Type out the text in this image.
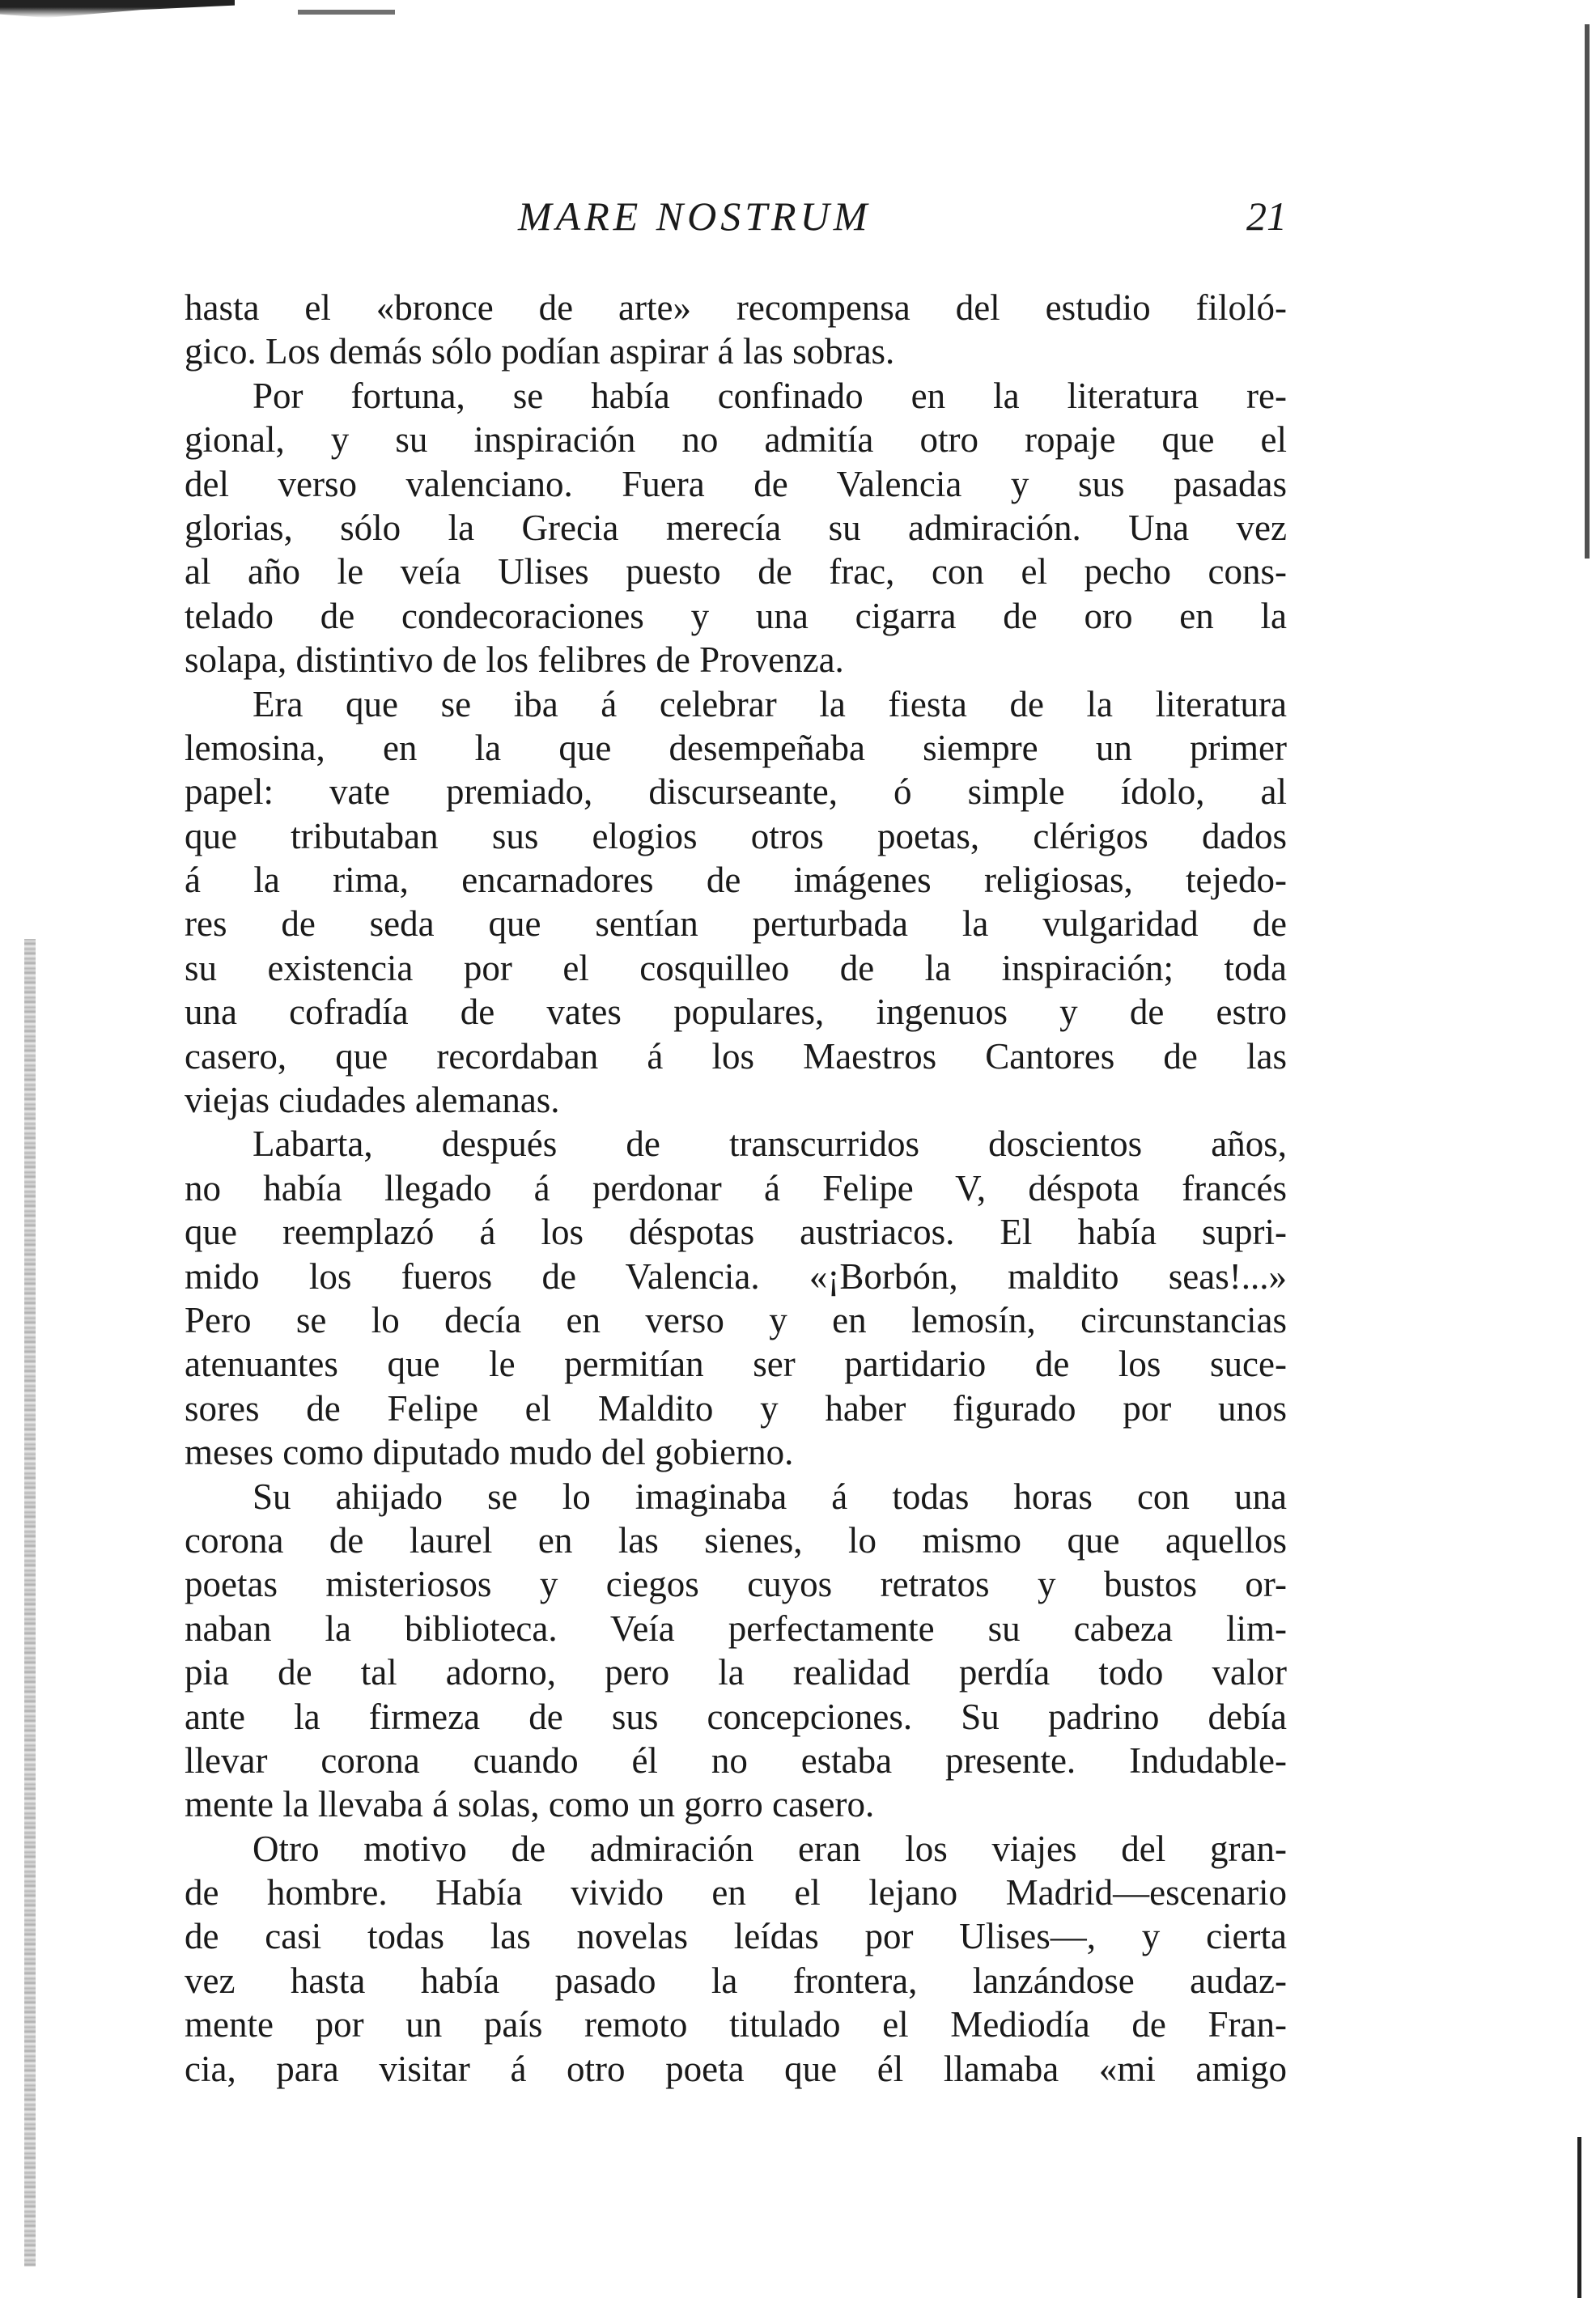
MARE NOSTRUM	21
hasta el «bronce de arte» recompensa del estudio filoló-
gico. Los demás sólo podían aspirar á las sobras.
Por fortuna, se había confinado en la literatura re-
gional, y su inspiración no admitía otro ropaje que el
del verso valenciano. Fuera de Valencia y sus pasadas
glorias, sólo la Grecia merecía su admiración. Una vez
al año le veía Ulises puesto de frac, con el pecho cons-
telado de condecoraciones y una cigarra de oro en la
solapa, distintivo de los felibres de Provenza.
Era que se iba á celebrar la fiesta de la literatura
lemosina, en la que desempeñaba siempre un primer
papel: vate premiado, discurseante, ó simple ídolo, al
que tributaban sus elogios otros poetas, clérigos dados
á la rima, encarnadores de imágenes religiosas, tejedo-
res de seda que sentían perturbada la vulgaridad de
su existencia por el cosquilleo de la inspiración; toda
una cofradía de vates populares, ingenuos y de estro
casero, que recordaban á los Maestros Cantores de las
viejas ciudades alemanas.
Labarta, después de transcurridos doscientos años,
no había llegado á perdonar á Felipe V, déspota francés
que reemplazó á los déspotas austriacos. El había supri-
mido los fueros de Valencia. «¡Borbón, maldito seas!...»
Pero se lo decía en verso y en lemosín, circunstancias
atenuantes que le permitían ser partidario de los suce-
sores de Felipe el Maldito y haber figurado por unos
meses como diputado mudo del gobierno.
Su ahijado se lo imaginaba á todas horas con una
corona de laurel en las sienes, lo mismo que aquellos
poetas misteriosos y ciegos cuyos retratos y bustos or-
naban la biblioteca. Veía perfectamente su cabeza lim-
pia de tal adorno, pero la realidad perdía todo valor
ante la firmeza de sus concepciones. Su padrino debía
llevar corona cuando él no estaba presente. Indudable-
mente la llevaba á solas, como un gorro casero.
Otro motivo de admiración eran los viajes del gran-
de hombre. Había vivido en el lejano Madrid—escenario
de casi todas las novelas leídas por Ulises—, y cierta
vez hasta había pasado la frontera, lanzándose audaz-
mente por un país remoto titulado el Mediodía de Fran-
cia, para visitar á otro poeta que él llamaba «mi amigo
